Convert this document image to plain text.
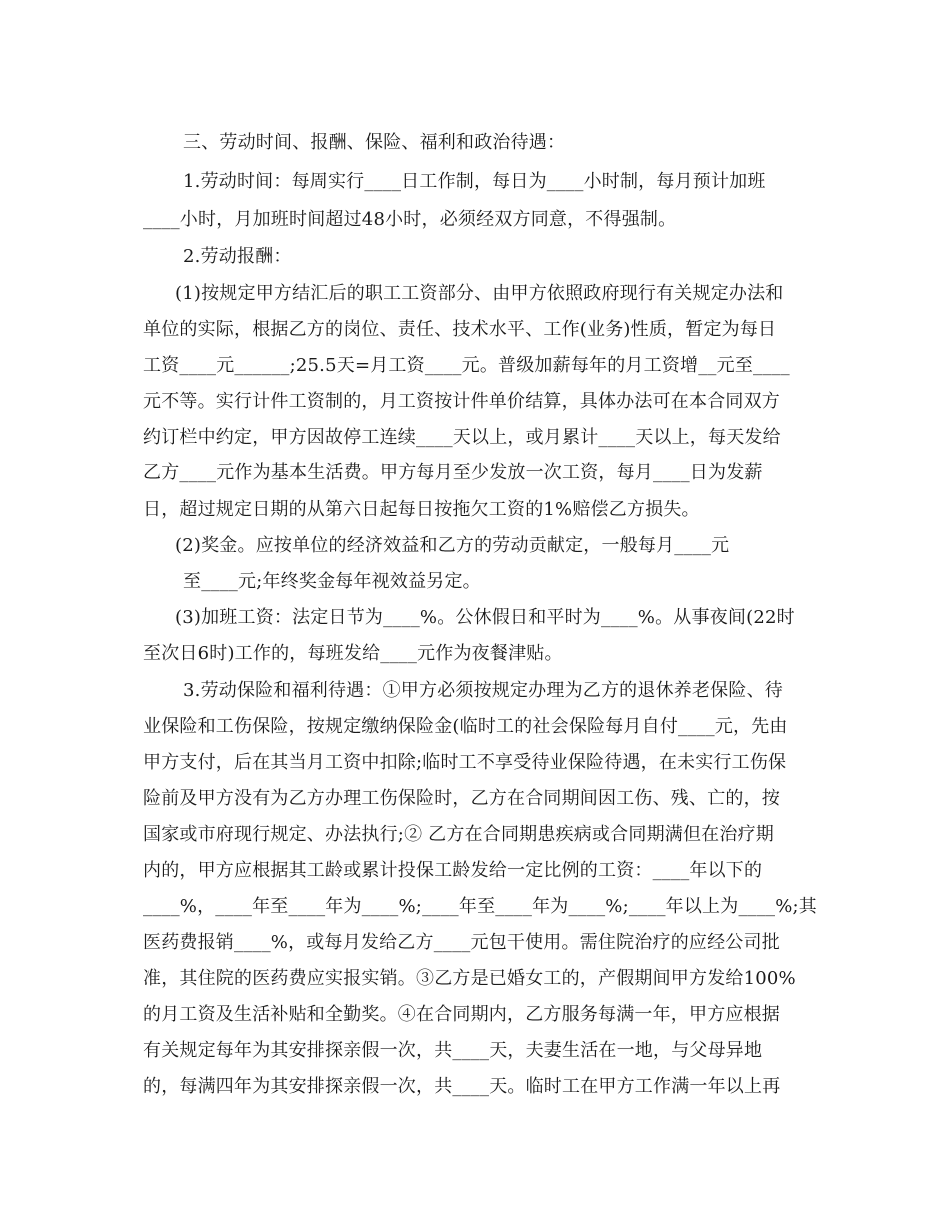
三、劳动时间、报酬、保险、福利和政治待遇：
1.劳动时间：每周实行____日工作制，每日为____小时制，每月预计加班
____小时，月加班时间超过48小时，必须经双方同意，不得强制。
2.劳动报酬：
(1)按规定甲方结汇后的职工工资部分、由甲方依照政府现行有关规定办法和
单位的实际，根据乙方的岗位、责任、技术水平、工作(业务)性质，暂定为每日
工资____元______;25.5天=月工资____元。普级加薪每年的月工资增__元至____
元不等。实行计件工资制的，月工资按计件单价结算，具体办法可在本合同双方
约订栏中约定，甲方因故停工连续____天以上，或月累计____天以上，每天发给
乙方____元作为基本生活费。甲方每月至少发放一次工资，每月____日为发薪
日，超过规定日期的从第六日起每日按拖欠工资的1%赔偿乙方损失。
(2)奖金。应按单位的经济效益和乙方的劳动贡献定，一般每月____元
至____元;年终奖金每年视效益另定。
(3)加班工资：法定日节为____%。公休假日和平时为____%。从事夜间(22时
至次日6时)工作的，每班发给____元作为夜餐津贴。
3.劳动保险和福利待遇：①甲方必须按规定办理为乙方的退休养老保险、待
业保险和工伤保险，按规定缴纳保险金(临时工的社会保险每月自付____元，先由
甲方支付，后在其当月工资中扣除;临时工不享受待业保险待遇，在未实行工伤保
险前及甲方没有为乙方办理工伤保险时，乙方在合同期间因工伤、残、亡的，按
国家或市府现行规定、办法执行;② 乙方在合同期患疾病或合同期满但在治疗期
内的，甲方应根据其工龄或累计投保工龄发给一定比例的工资：____年以下的
____%，____年至____年为____%;____年至____年为____%;____年以上为____%;其
医药费报销____%，或每月发给乙方____元包干使用。需住院治疗的应经公司批
准，其住院的医药费应实报实销。③乙方是已婚女工的，产假期间甲方发给100%
的月工资及生活补贴和全勤奖。④在合同期内，乙方服务每满一年，甲方应根据
有关规定每年为其安排探亲假一次，共____天，夫妻生活在一地，与父母异地
的，每满四年为其安排探亲假一次，共____天。临时工在甲方工作满一年以上再
